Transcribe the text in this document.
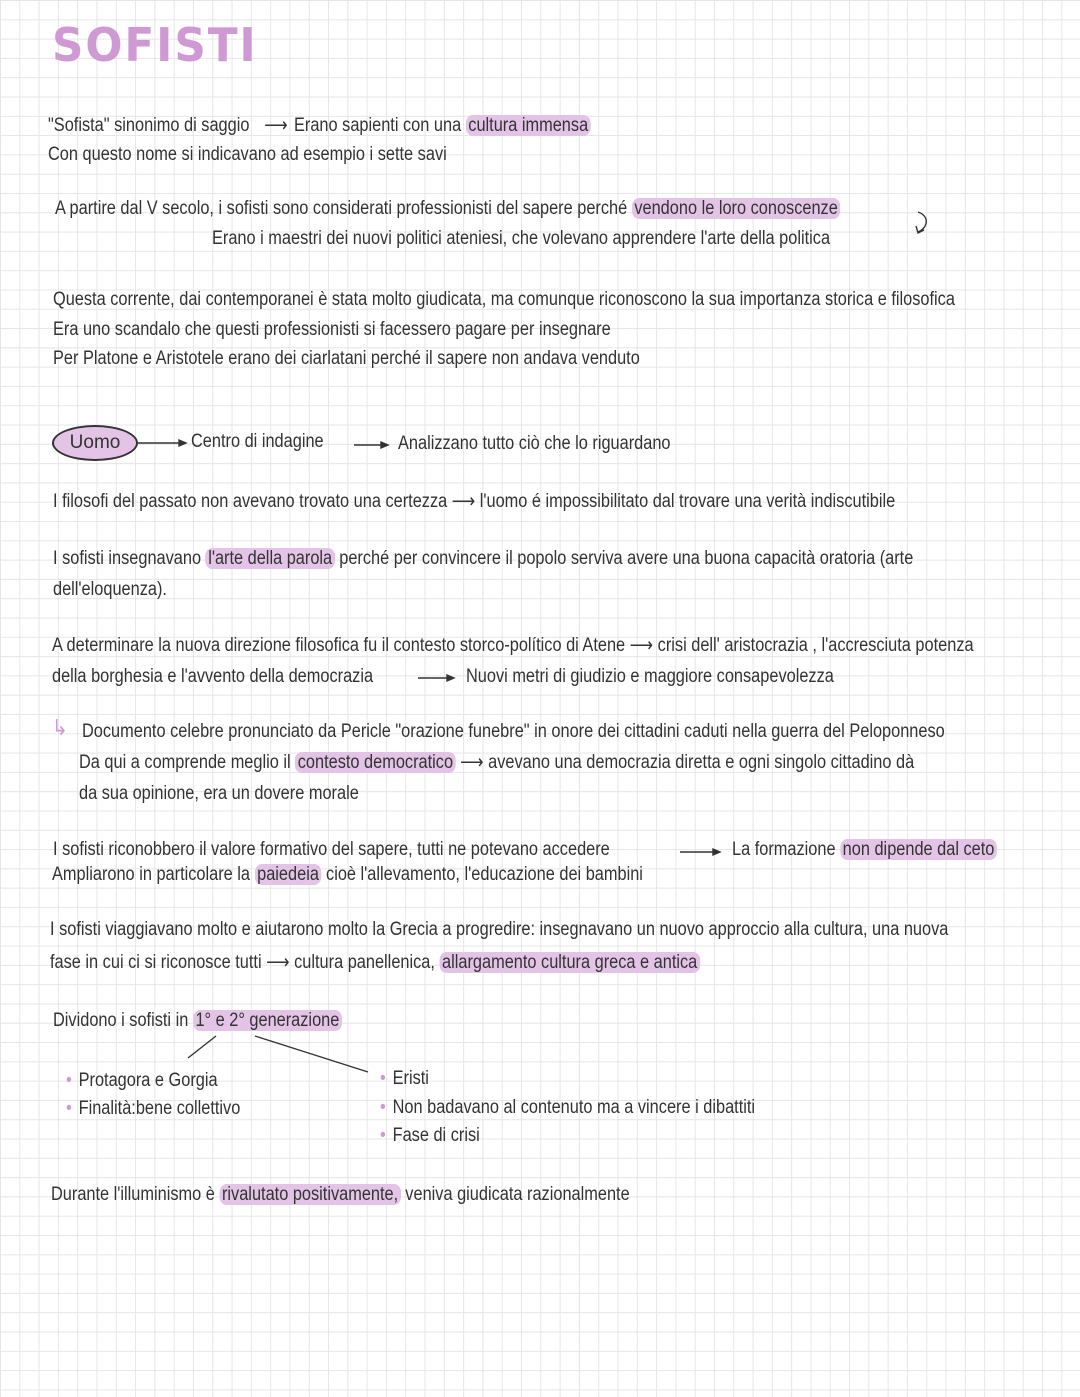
SOFISTI
"Sofista" sinonimo di saggio ⟶ Erano sapienti con una cultura immensa
Con questo nome si indicavano ad esempio i sette savi
A partire dal V secolo, i sofisti sono considerati professionisti del sapere perché vendono le loro conoscenze
Erano i maestri dei nuovi politici ateniesi, che volevano apprendere l'arte della politica
Questa corrente, dai contemporanei è stata molto giudicata, ma comunque riconoscono la sua importanza storica e filosofica
Era uno scandalo che questi professionisti si facessero pagare per insegnare
Per Platone e Aristotele erano dei ciarlatani perché il sapere non andava venduto
Uomo	Centro di indagine	Analizzano tutto ciò che lo riguardano
I filosofi del passato non avevano trovato una certezza ⟶ l'uomo é impossibilitato dal trovare una verità indiscutibile
I sofisti insegnavano l'arte della parola perché per convincere il popolo serviva avere una buona capacità oratoria (arte
dell'eloquenza).
A determinare la nuova direzione filosofica fu il contesto storco-político di Atene ⟶ crisi dell' aristocrazia , l'accresciuta potenza
della borghesia e l'avvento della democrazia	Nuovi metri di giudizio e maggiore consapevolezza
↳ Documento celebre pronunciato da Pericle "orazione funebre" in onore dei cittadini caduti nella guerra del Peloponneso
Da qui a comprende meglio il contesto democratico ⟶ avevano una democrazia diretta e ogni singolo cittadino dà
da sua opinione, era un dovere morale
I sofisti riconobbero il valore formativo del sapere, tutti ne potevano accedere	La formazione non dipende dal ceto
Ampliarono in particolare la paiedeia cioè l'allevamento, l'educazione dei bambini
I sofisti viaggiavano molto e aiutarono molto la Grecia a progredire: insegnavano un nuovo approccio alla cultura, una nuova
fase in cui ci si riconosce tutti ⟶ cultura panellenica, allargamento cultura greca e antica
Dividono i sofisti in 1° e 2° generazione
• Protagora e Gorgia
• Finalità:bene collettivo
• Eristi
• Non badavano al contenuto ma a vincere i dibattiti
• Fase di crisi
Durante l'illuminismo è rivalutato positivamente, veniva giudicata razionalmente
